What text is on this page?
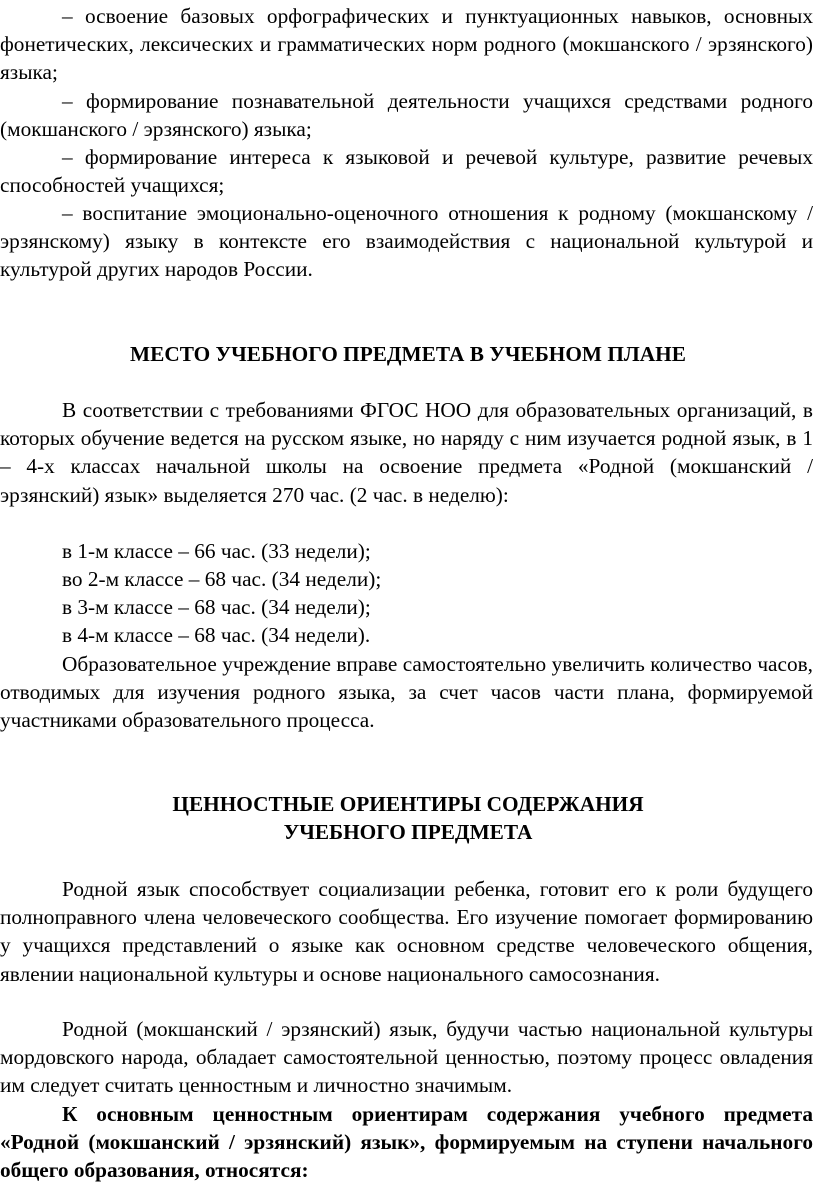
– освоение базовых орфографических и пунктуационных навыков, основных фонетических, лексических и грамматических норм родного (мокшанского / эрзянского) языка;

– формирование познавательной деятельности учащихся средствами родного (мокшанского / эрзянского) языка;

– формирование интереса к языковой и речевой культуре, развитие речевых способностей учащихся;

– воспитание эмоционально-оценочного отношения к родному (мокшанскому / эрзянскому) языку в контексте его взаимодействия с национальной культурой и культурой других народов России.

МЕСТО УЧЕБНОГО ПРЕДМЕТА В УЧЕБНОМ ПЛАНЕ

В соответствии с требованиями ФГОС НОО для образовательных организаций, в которых обучение ведется на русском языке, но наряду с ним изучается родной язык, в 1 – 4-х классах начальной школы на освоение предмета «Родной (мокшанский / эрзянский) язык» выделяется 270 час. (2 час. в неделю):

в 1-м классе – 66 час. (33 недели);

во 2-м классе – 68 час. (34 недели);

в 3-м классе – 68 час. (34 недели);

в 4-м классе – 68 час. (34 недели).

Образовательное учреждение вправе самостоятельно увеличить количество часов, отводимых для изучения родного языка, за счет часов части плана, формируемой участниками образовательного процесса.

ЦЕННОСТНЫЕ ОРИЕНТИРЫ СОДЕРЖАНИЯ

УЧЕБНОГО ПРЕДМЕТА

Родной язык способствует социализации ребенка, готовит его к роли будущего полноправного члена человеческого сообщества. Его изучение помогает формированию у учащихся представлений о языке как основном средстве человеческого общения, явлении национальной культуры и основе национального самосознания.

Родной (мокшанский / эрзянский) язык, будучи частью национальной культуры мордовского народа, обладает самостоятельной ценностью, поэтому процесс овладения им следует считать ценностным и личностно значимым.

К основным ценностным ориентирам содержания учебного предмета «Родной (мокшанский / эрзянский) язык», формируемым на ступени начального общего образования, относятся:
